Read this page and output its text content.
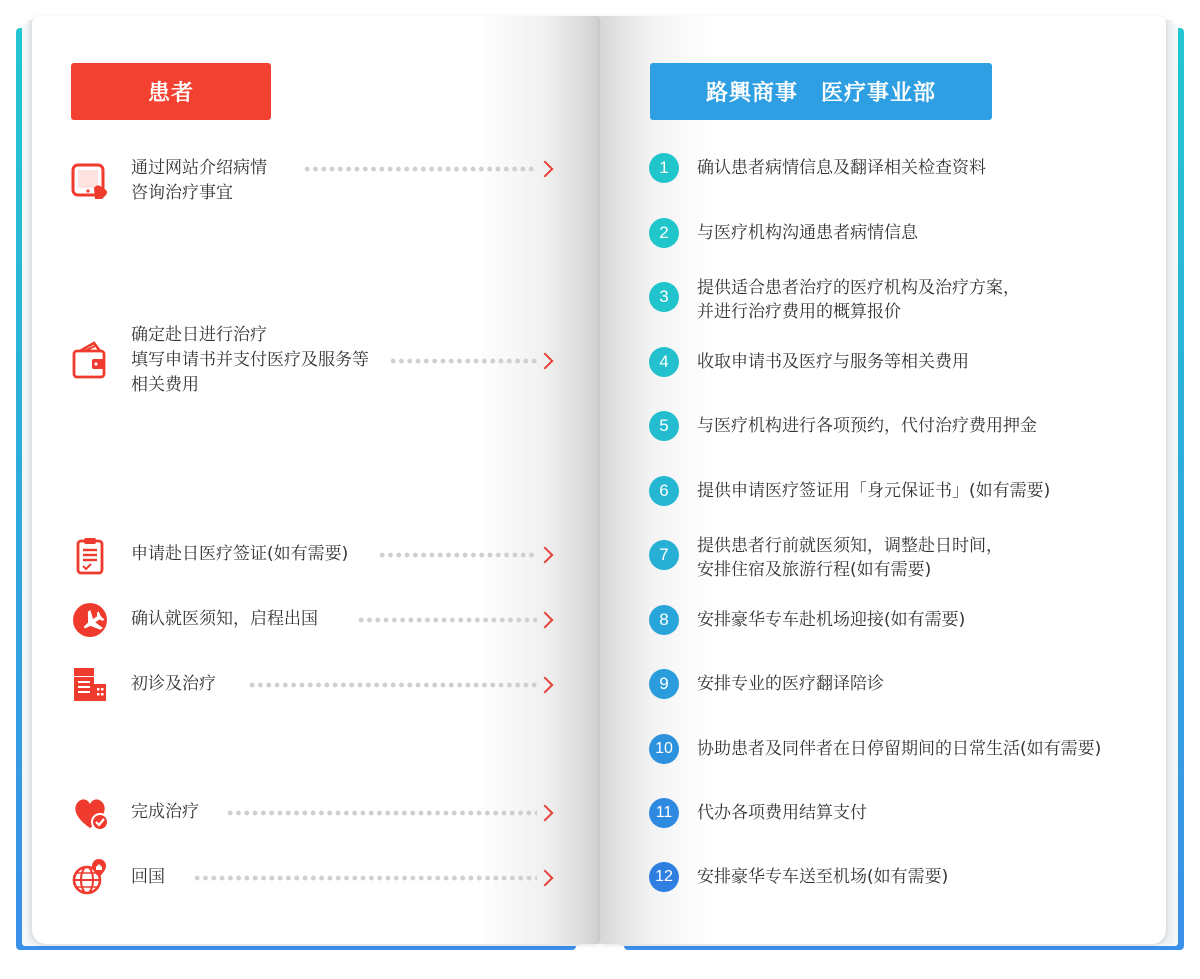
患者
通过网站介绍病情
咨询治疗事宜
确定赴日进行治疗
填写申请书并支付医疗及服务等
相关费用
申请赴日医疗签证(如有需要)
确认就医须知，启程出国
初诊及治疗
完成治疗
回国
路興商事　医疗事业部
1	确认患者病情信息及翻译相关检查资料
2	与医疗机构沟通患者病情信息
3	提供适合患者治疗的医疗机构及治疗方案，
并进行治疗费用的概算报价
4	收取申请书及医疗与服务等相关费用
5	与医疗机构进行各项预约，代付治疗费用押金
6	提供申请医疗签证用「身元保证书」(如有需要)
7	提供患者行前就医须知，调整赴日时间，
安排住宿及旅游行程(如有需要)
8	安排豪华专车赴机场迎接(如有需要)
9	安排专业的医疗翻译陪诊
10	协助患者及同伴者在日停留期间的日常生活(如有需要)
11	代办各项费用结算支付
12	安排豪华专车送至机场(如有需要)
